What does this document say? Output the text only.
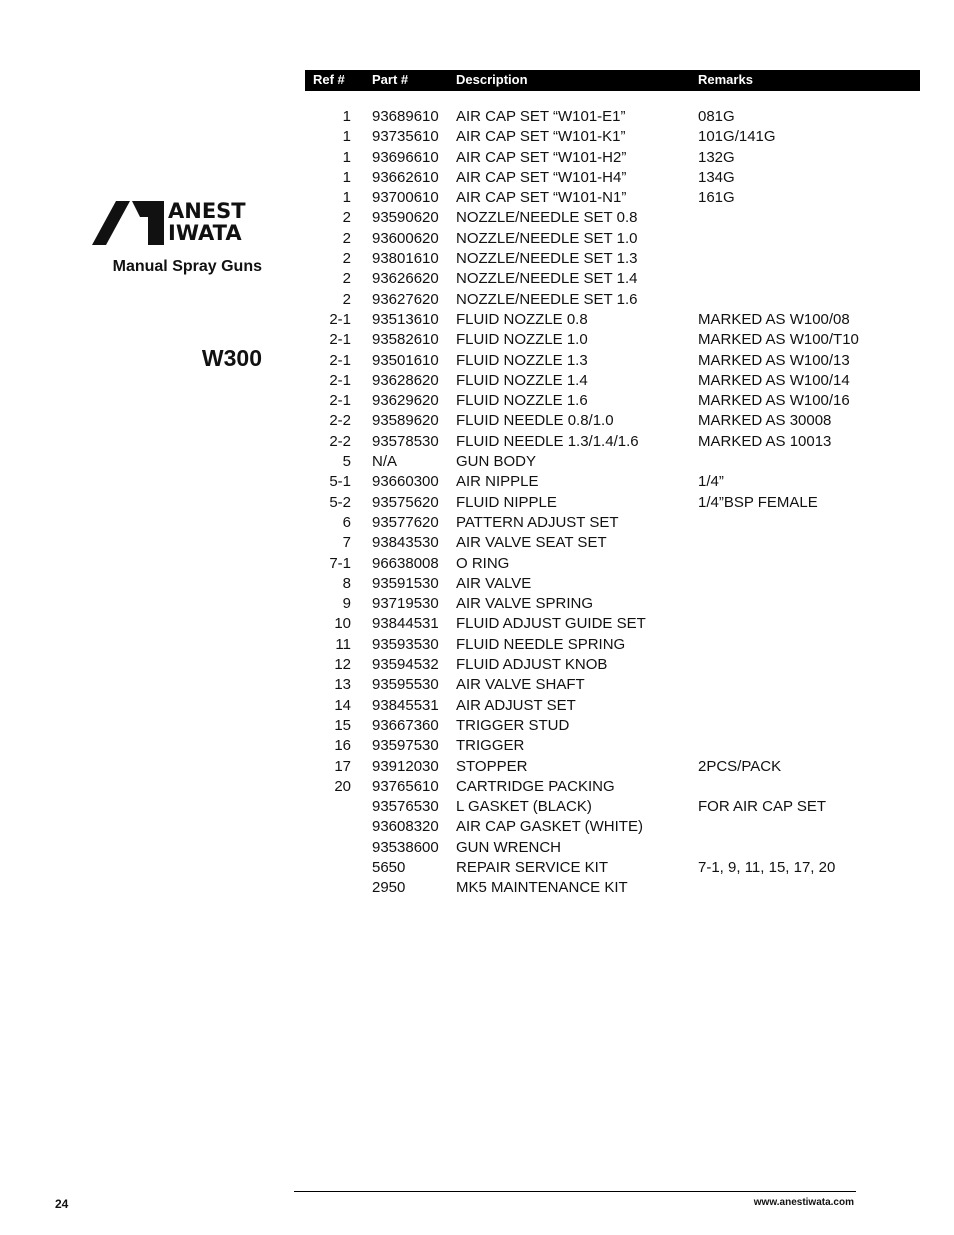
ANEST
IWATA
Manual Spray Guns
W300
Ref # Part #	Description	Remarks
1 93689610 AIR CAP SET “W101-E1”	081G
1 93735610 AIR CAP SET “W101-K1”	101G/141G
1 93696610 AIR CAP SET “W101-H2”	132G
1 93662610 AIR CAP SET “W101-H4”	134G
1 93700610 AIR CAP SET “W101-N1”	161G
2 93590620 NOZZLE/NEEDLE SET 0.8
2 93600620 NOZZLE/NEEDLE SET 1.0
2 93801610 NOZZLE/NEEDLE SET 1.3
2 93626620 NOZZLE/NEEDLE SET 1.4
2 93627620 NOZZLE/NEEDLE SET 1.6
2-1 93513610 FLUID NOZZLE 0.8	MARKED AS W100/08
2-1 93582610 FLUID NOZZLE 1.0	MARKED AS W100/T10
2-1 93501610 FLUID NOZZLE 1.3	MARKED AS W100/13
2-1 93628620 FLUID NOZZLE 1.4	MARKED AS W100/14
2-1 93629620 FLUID NOZZLE 1.6	MARKED AS W100/16
2-2 93589620 FLUID NEEDLE 0.8/1.0	MARKED AS 30008
2-2 93578530 FLUID NEEDLE 1.3/1.4/1.6	MARKED AS 10013
5 N/A	GUN BODY
5-1 93660300 AIR NIPPLE	1/4”
5-2 93575620 FLUID NIPPLE	1/4”BSP FEMALE
6 93577620 PATTERN ADJUST SET
7 93843530 AIR VALVE SEAT SET
7-1 96638008 O RING
8 93591530 AIR VALVE
9 93719530 AIR VALVE SPRING
10 93844531 FLUID ADJUST GUIDE SET
11 93593530 FLUID NEEDLE SPRING
12 93594532 FLUID ADJUST KNOB
13 93595530 AIR VALVE SHAFT
14 93845531 AIR ADJUST SET
15 93667360 TRIGGER STUD
16 93597530 TRIGGER
17 93912030 STOPPER	2PCS/PACK
20 93765610 CARTRIDGE PACKING
93576530 L GASKET (BLACK)	FOR AIR CAP SET
93608320 AIR CAP GASKET (WHITE)
93538600 GUN WRENCH
5650	REPAIR SERVICE KIT	7-1, 9, 11, 15, 17, 20
2950	MK5 MAINTENANCE KIT
24	www.anestiwata.com
